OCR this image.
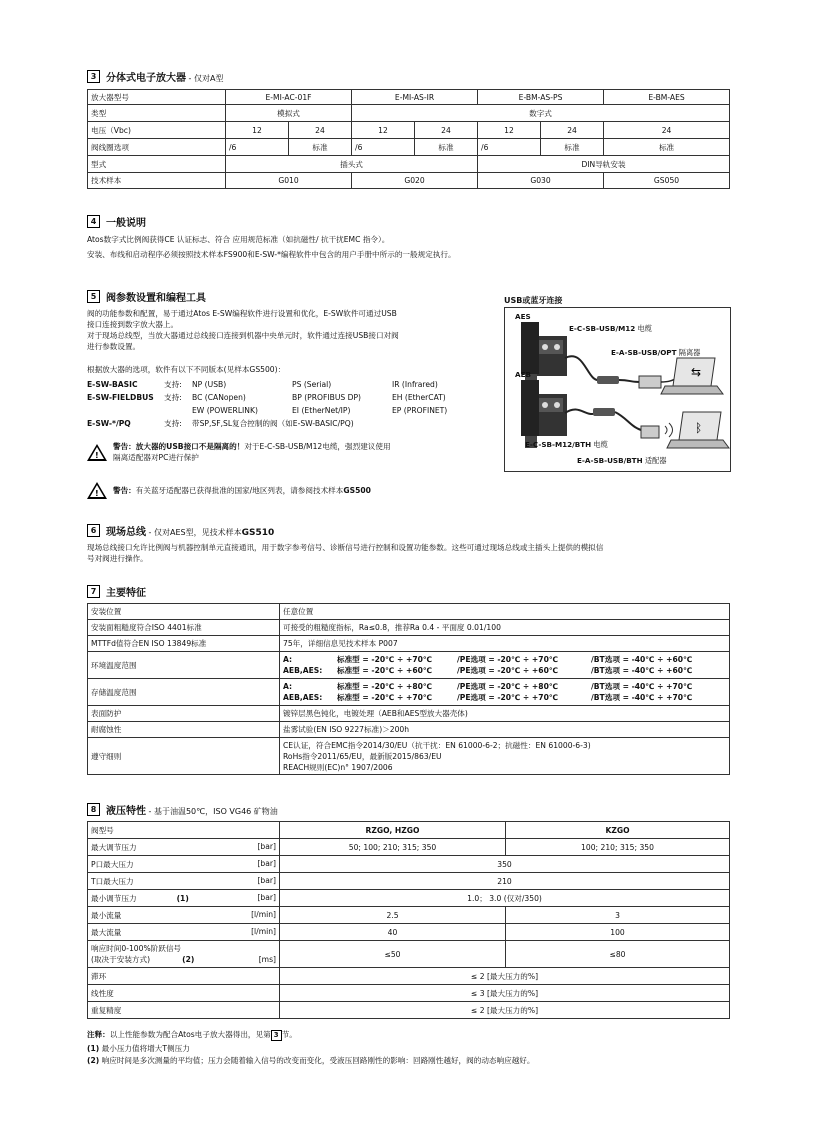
3 分体式电子放大器 - 仅对A型
放大器型号	E-MI-AC-01F		E-MI-AS-IR		E-BM-AS-PS		E-BM-AES
类型	模拟式		数字式				
电压（Vbc)	12	24	12	24	12	24	24
阀线圈选项	/6	标准	/6	标准	/6	标准	标准
型式	插头式				DIN导轨安装		
技术样本	G010		G020		G030		GS050
4 一般说明
Atos数字式比例阀获得CE 认证标志、符合 应用规范标准（如抗磁性/ 抗干扰EMC 指令）。
安装、布线和启动程序必须按照技术样本FS900和E-SW-*编程软件中包含的用户手册中所示的一般规定执行。
5 阀参数设置和编程工具
阀的功能参数和配置，易于通过Atos E-SW编程软件进行设置和优化，E-SW软件可通过USB
接口连接到数字放大器上。
对于现场总线型，当放大器通过总线接口连接到机器中央单元时，软件通过连接USB接口对阀
进行参数设置。
根据放大器的选项，软件有以下不同版本(见样本GS500)：
E-SW-BASIC	支持: NP (USB)	PS (Serial)	IR (Infrared)
E-SW-FIELDBUS 支持: BC (CANopen)	BP (PROFIBUS DP)	EH (EtherCAT)
EW (POWERLINK)	EI (EtherNet/IP)	EP (PROFINET)
E-SW-*/PQ	支持: 带SP,SF,SL复合控制的阀（如E-SW-BASIC/PQ)
!
警告：放大器的USB接口不是隔离的！对于E-C-SB-USB/M12电缆，强烈建议使用
隔离适配器对PC进行保护
! 警告：有关蓝牙适配器已获得批准的国家/地区列表，请参阅技术样本GS500
USB或蓝牙连接
⇆
ᛒ
AES
AEB
E-C-SB-USB/M12 电缆
E-A-SB-USB/OPT 隔离器
E-C-SB-M12/BTH 电缆
E-A-SB-USB/BTH 适配器
6 现场总线 - 仅对AES型，见技术样本GS510
现场总线接口允许比例阀与机器控制单元直接通讯，用于数字参考信号、诊断信号进行控制和设置功能参数。这些可通过现场总线或主插头上提供的模拟信
号对阀进行操作。
7 主要特征
安装位置	任意位置
安装面粗糙度符合ISO 4401标准	可接受的粗糙度指标，Ra≤0.8，推荐Ra 0.4 - 平面度 0.01/100
MTTFd值符合EN ISO 13849标准	75年，详细信息见技术样本 P007
环境温度范围	A: 标准型 = -20℃ ÷ +70℃ /PE选项 = -20℃ ÷ +70℃ /BT选项 = -40℃ ÷ +60℃
AEB,AES: 标准型 = -20℃ ÷ +60℃ /PE选项 = -20℃ ÷ +60℃ /BT选项 = -40℃ ÷ +60℃

存储温度范围	A: 标准型 = -20℃ ÷ +80℃ /PE选项 = -20℃ ÷ +80℃ /BT选项 = -40℃ ÷ +70℃
AEB,AES: 标准型 = -20℃ ÷ +70℃ /PE选项 = -20℃ ÷ +70℃ /BT选项 = -40℃ ÷ +70℃

表面防护	镀锌层黑色钝化，电镀处理（AEB和AES型放大器壳体)
耐腐蚀性	盐雾试验(EN ISO 9227标准)＞200h
遵守细则	CE认证，符合EMC指令2014/30/EU（抗干扰：EN 61000-6-2；抗磁性：EN 61000-6-3)
RoHs指令2011/65/EU，最新版2015/863/EU
REACH规则(EC)n° 1907/2006
8 液压特性 - 基于油温50℃，ISO VG46 矿物油
阀型号	RZGO, HZGO	KZGO
最大调节压力 [bar]	50; 100; 210; 315; 350	100; 210; 315; 350
P口最大压力 [bar]	350	
T口最大压力 [bar]	210	
最小调节压力 (1) [bar]	1.0； 3.0 (仅对/350)	
最小流量 [l/min]	2.5	3
最大流量 [l/min]	40	100

响应时间0-100%阶跃信号
(取决于安装方式) (2) [ms]	≤50	≤80
滞环	≤ 2 [最大压力的%]	
线性度	≤ 3 [最大压力的%]	
重复精度	≤ 2 [最大压力的%]	
注释：以上性能参数为配合Atos电子放大器得出，见第 3 节。
(1) 最小压力值将增大T侧压力
(2) 响应时间是多次测量的平均值；压力会随着输入信号的改变而变化，受液压回路刚性的影响：回路刚性越好，阀的动态响应越好。
